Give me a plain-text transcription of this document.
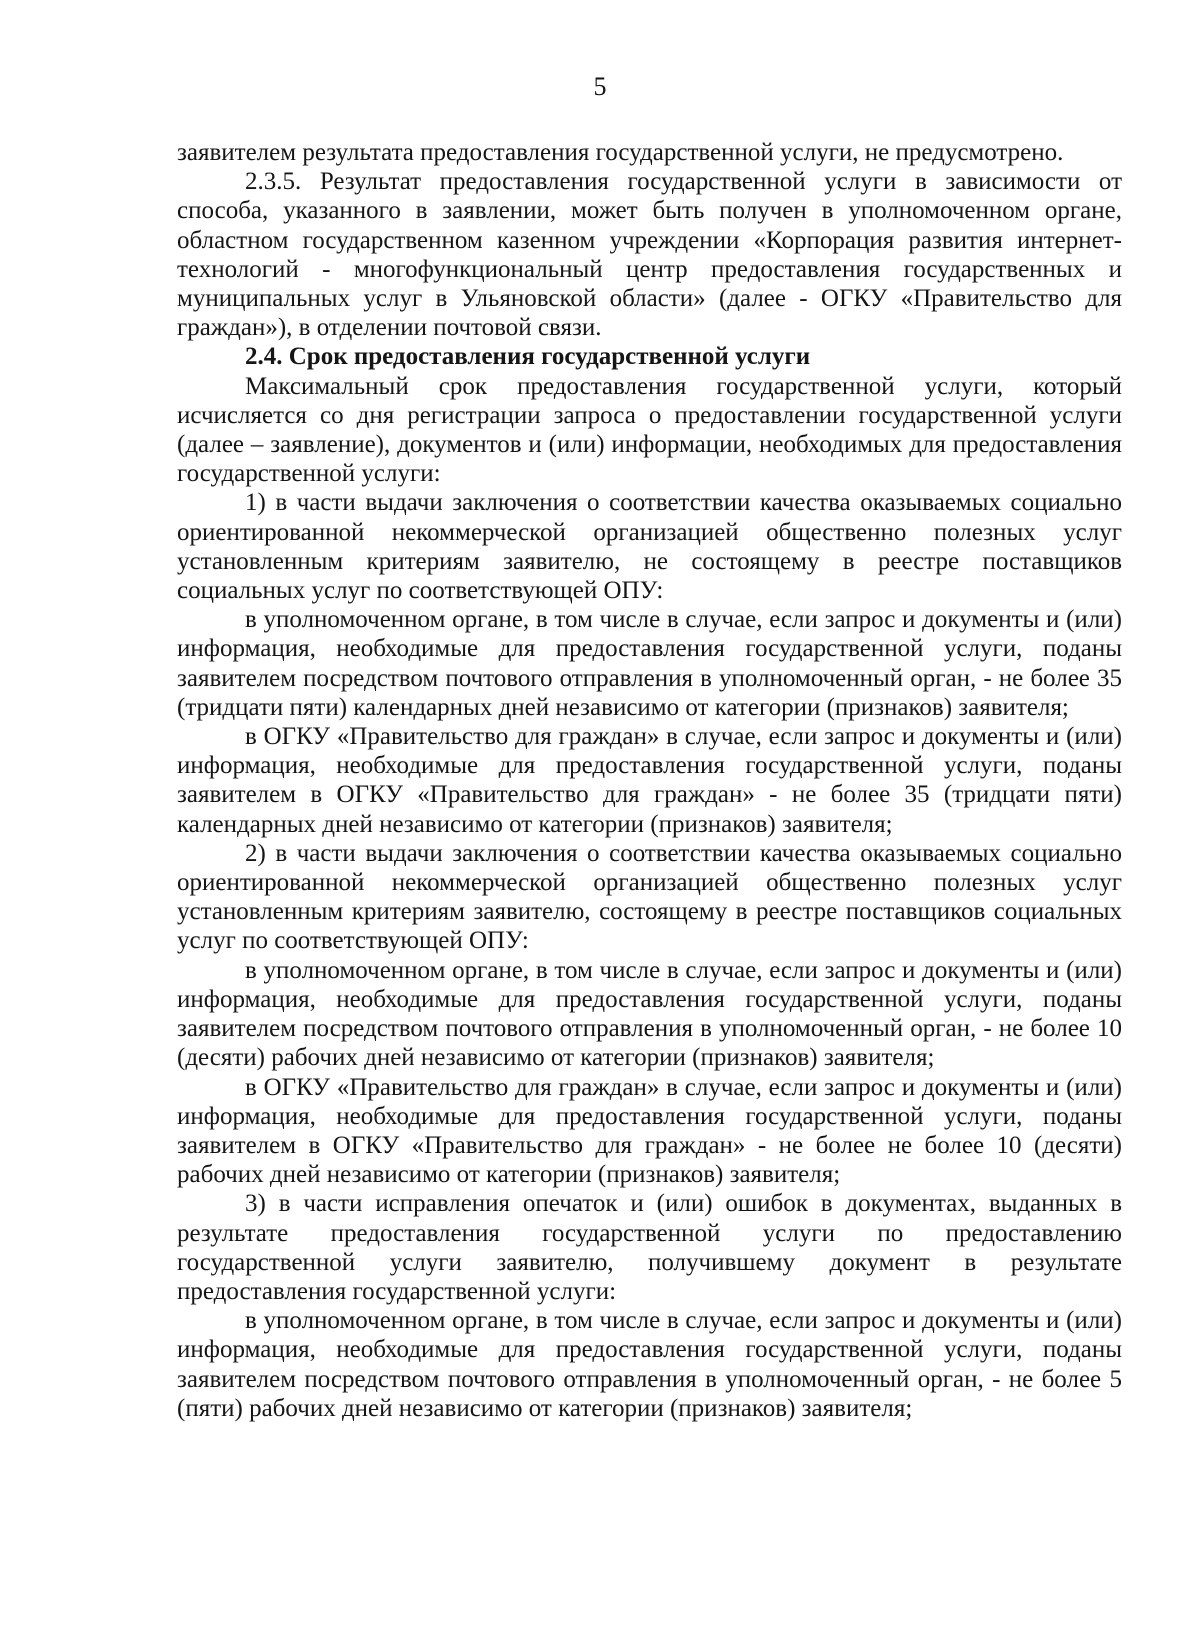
5

заявителем результата предоставления государственной услуги, не предусмотрено.

2.3.5. Результат предоставления государственной услуги в зависимости от способа, указанного в заявлении, может быть получен в уполномоченном органе, областном государственном казенном учреждении «Корпорация развития интернет-технологий - многофункциональный центр предоставления государственных и муниципальных услуг в Ульяновской области» (далее - ОГКУ «Правительство для граждан»), в отделении почтовой связи.

2.4. Срок предоставления государственной услуги

Максимальный срок предоставления государственной услуги, который исчисляется со дня регистрации запроса о предоставлении государственной услуги (далее – заявление), документов и (или) информации, необходимых для предоставления государственной услуги:

1) в части выдачи заключения о соответствии качества оказываемых социально ориентированной некоммерческой организацией общественно полезных услуг установленным критериям заявителю, не состоящему в реестре поставщиков социальных услуг по соответствующей ОПУ:

в уполномоченном органе, в том числе в случае, если запрос и документы и (или) информация, необходимые для предоставления государственной услуги, поданы заявителем посредством почтового отправления в уполномоченный орган, - не более 35 (тридцати пяти) календарных дней независимо от категории (признаков) заявителя;

в ОГКУ «Правительство для граждан» в случае, если запрос и документы и (или) информация, необходимые для предоставления государственной услуги, поданы заявителем в ОГКУ «Правительство для граждан» - не более 35 (тридцати пяти) календарных дней независимо от категории (признаков) заявителя;

2) в части выдачи заключения о соответствии качества оказываемых социально ориентированной некоммерческой организацией общественно полезных услуг установленным критериям заявителю, состоящему в реестре поставщиков социальных услуг по соответствующей ОПУ:

в уполномоченном органе, в том числе в случае, если запрос и документы и (или) информация, необходимые для предоставления государственной услуги, поданы заявителем посредством почтового отправления в уполномоченный орган, - не более 10 (десяти) рабочих дней независимо от категории (признаков) заявителя;

в ОГКУ «Правительство для граждан» в случае, если запрос и документы и (или) информация, необходимые для предоставления государственной услуги, поданы заявителем в ОГКУ «Правительство для граждан» - не более не более 10 (десяти) рабочих дней независимо от категории (признаков) заявителя;

3) в части исправления опечаток и (или) ошибок в документах, выданных в результате предоставления государственной услуги по предоставлению государственной услуги заявителю, получившему документ в результате предоставления государственной услуги:

в уполномоченном органе, в том числе в случае, если запрос и документы и (или) информация, необходимые для предоставления государственной услуги, поданы заявителем посредством почтового отправления в уполномоченный орган, - не более 5 (пяти) рабочих дней независимо от категории (признаков) заявителя;
